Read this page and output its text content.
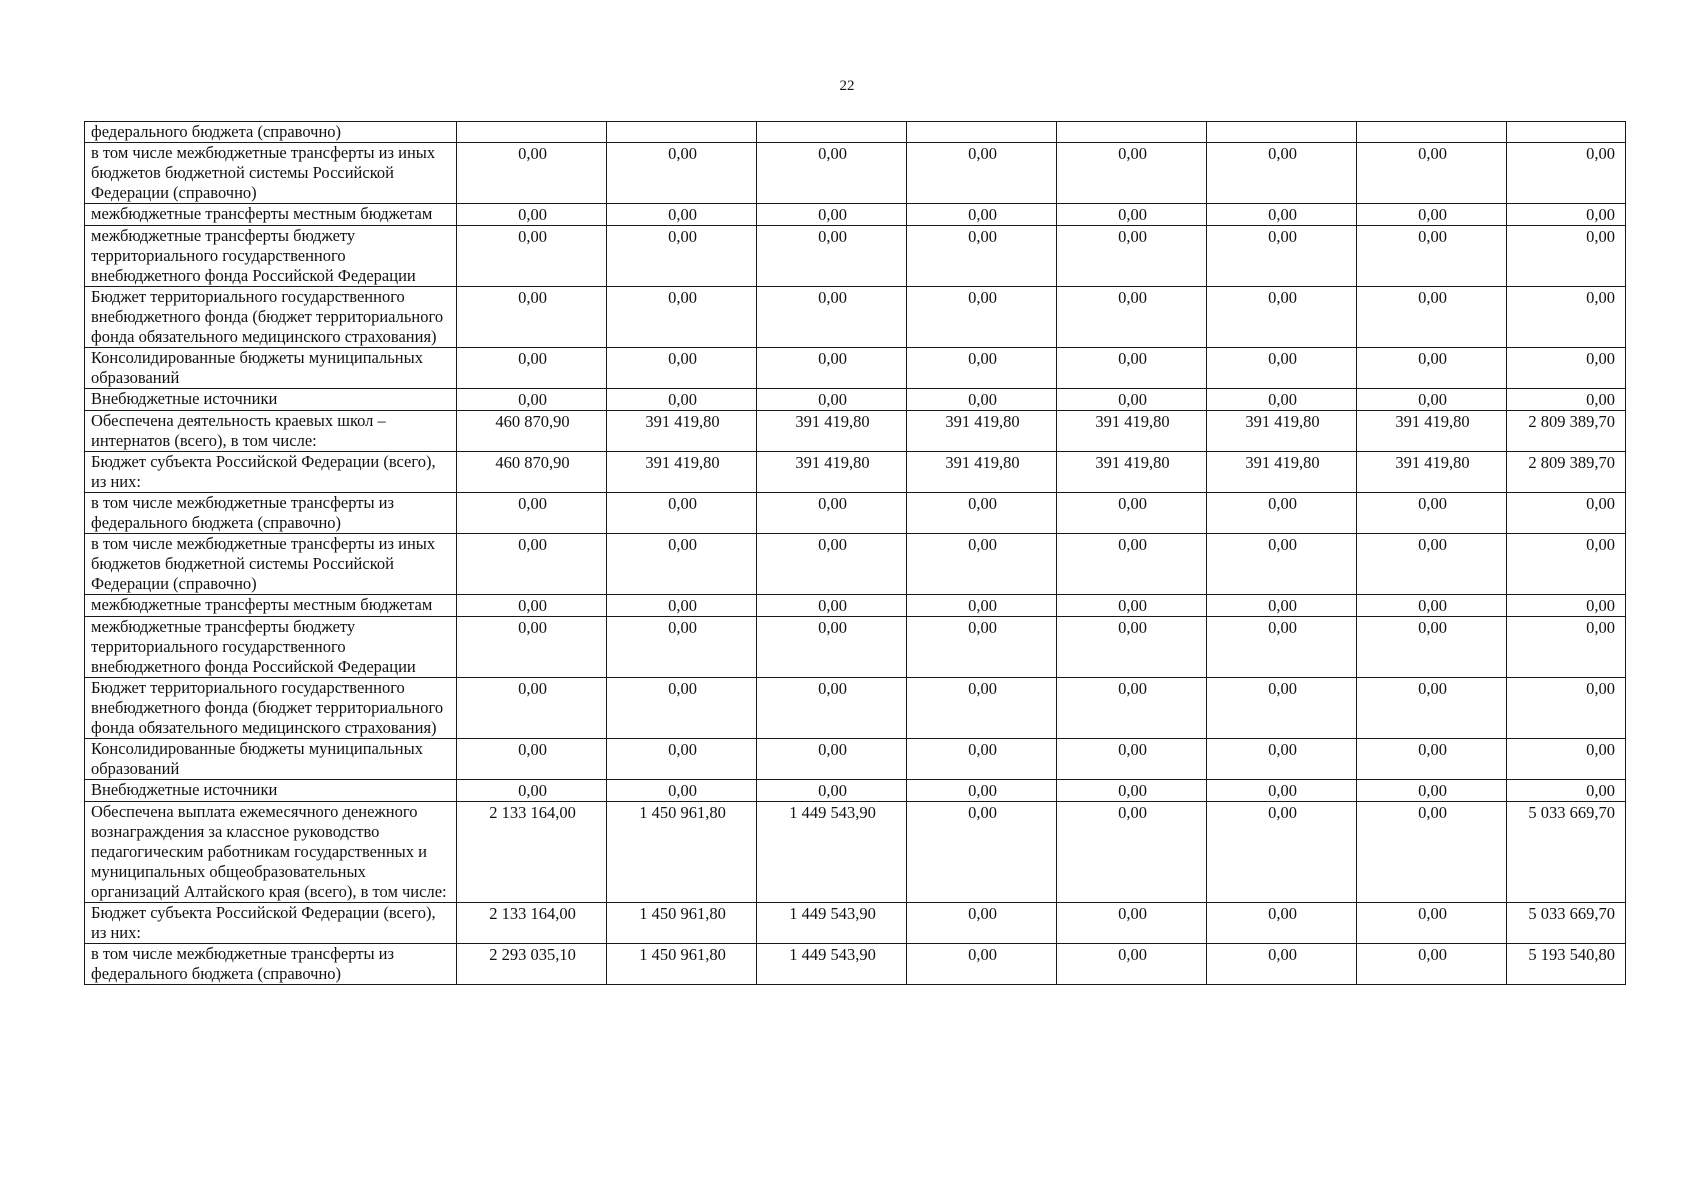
22
федерального бюджета (справочно)								
в том числе межбюджетные трансферты из иных бюджетов бюджетной системы Российской Федерации (справочно)	0,00	0,00	0,00	0,00	0,00	0,00	0,00	0,00
межбюджетные трансферты местным бюджетам	0,00	0,00	0,00	0,00	0,00	0,00	0,00	0,00
межбюджетные трансферты бюджету территориального государственного внебюджетного фонда Российской Федерации	0,00	0,00	0,00	0,00	0,00	0,00	0,00	0,00
Бюджет территориального государственного внебюджетного фонда (бюджет территориального фонда обязательного медицинского страхования)	0,00	0,00	0,00	0,00	0,00	0,00	0,00	0,00
Консолидированные бюджеты муниципальных образований	0,00	0,00	0,00	0,00	0,00	0,00	0,00	0,00
Внебюджетные источники	0,00	0,00	0,00	0,00	0,00	0,00	0,00	0,00
Обеспечена деятельность краевых школ – интернатов (всего), в том числе:	460 870,90	391 419,80	391 419,80	391 419,80	391 419,80	391 419,80	391 419,80	2 809 389,70
Бюджет субъекта Российской Федерации (всего), из них:	460 870,90	391 419,80	391 419,80	391 419,80	391 419,80	391 419,80	391 419,80	2 809 389,70
в том числе межбюджетные трансферты из федерального бюджета (справочно)	0,00	0,00	0,00	0,00	0,00	0,00	0,00	0,00
в том числе межбюджетные трансферты из иных бюджетов бюджетной системы Российской Федерации (справочно)	0,00	0,00	0,00	0,00	0,00	0,00	0,00	0,00
межбюджетные трансферты местным бюджетам	0,00	0,00	0,00	0,00	0,00	0,00	0,00	0,00
межбюджетные трансферты бюджету территориального государственного внебюджетного фонда Российской Федерации	0,00	0,00	0,00	0,00	0,00	0,00	0,00	0,00
Бюджет территориального государственного внебюджетного фонда (бюджет территориального фонда обязательного медицинского страхования)	0,00	0,00	0,00	0,00	0,00	0,00	0,00	0,00
Консолидированные бюджеты муниципальных образований	0,00	0,00	0,00	0,00	0,00	0,00	0,00	0,00
Внебюджетные источники	0,00	0,00	0,00	0,00	0,00	0,00	0,00	0,00
Обеспечена выплата ежемесячного денежного вознаграждения за классное руководство педагогическим работникам государственных и муниципальных общеобразовательных организаций Алтайского края (всего), в том числе:	2 133 164,00	1 450 961,80	1 449 543,90	0,00	0,00	0,00	0,00	5 033 669,70
Бюджет субъекта Российской Федерации (всего), из них:	2 133 164,00	1 450 961,80	1 449 543,90	0,00	0,00	0,00	0,00	5 033 669,70
в том числе межбюджетные трансферты из федерального бюджета (справочно)	2 293 035,10	1 450 961,80	1 449 543,90	0,00	0,00	0,00	0,00	5 193 540,80
